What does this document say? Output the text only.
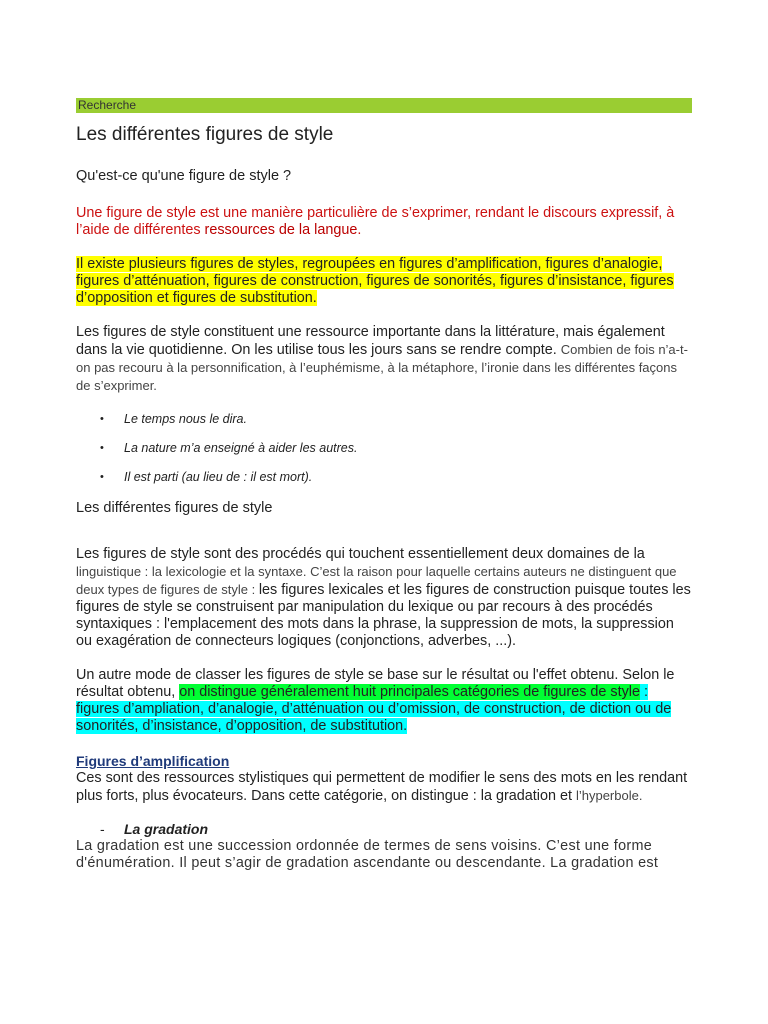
Recherche
Les différentes figures de style
Qu'est-ce qu'une figure de style ?

Une figure de style est une manière particulière de s’exprimer, rendant le discours expressif, à l’aide de différentes ressources de la langue.

Il existe plusieurs figures de styles, regroupées en figures d’amplification, figures d’analogie, figures d’atténuation, figures de construction, figures de sonorités, figures d’insistance, figures d’opposition et figures de substitution.

Les figures de style constituent une ressource importante dans la littérature, mais également dans la vie quotidienne. On les utilise tous les jours sans se rendre compte. Combien de fois n’a-t-on pas recouru à la personnification, à l’euphémisme, à la métaphore, l’ironie dans les différentes façons de s’exprimer.

• Le temps nous le dira.
• La nature m’a enseigné à aider les autres.
• Il est parti (au lieu de : il est mort).
Les différentes figures de style

Les figures de style sont des procédés qui touchent essentiellement deux domaines de la linguistique : la lexicologie et la syntaxe. C’est la raison pour laquelle certains auteurs ne distinguent que deux types de figures de style : les figures lexicales et les figures de construction puisque toutes les figures de style se construisent par manipulation du lexique ou par recours à des procédés syntaxiques : l'emplacement des mots dans la phrase, la suppression de mots, la suppression ou exagération de connecteurs logiques (conjonctions, adverbes, ...).

Un autre mode de classer les figures de style se base sur le résultat ou l'effet obtenu. Selon le résultat obtenu, on distingue généralement huit principales catégories de figures de style : figures d’ampliation, d’analogie, d’atténuation ou d’omission, de construction, de diction ou de sonorités, d’insistance, d’opposition, de substitution.

Figures d’amplification

Ces sont des ressources stylistiques qui permettent de modifier le sens des mots en les rendant plus forts, plus évocateurs. Dans cette catégorie, on distingue : la gradation et l’hyperbole.

- La gradation

La gradation est une succession ordonnée de termes de sens voisins. C’est une forme d'énumération. Il peut s’agir de gradation ascendante ou descendante. La gradation est
